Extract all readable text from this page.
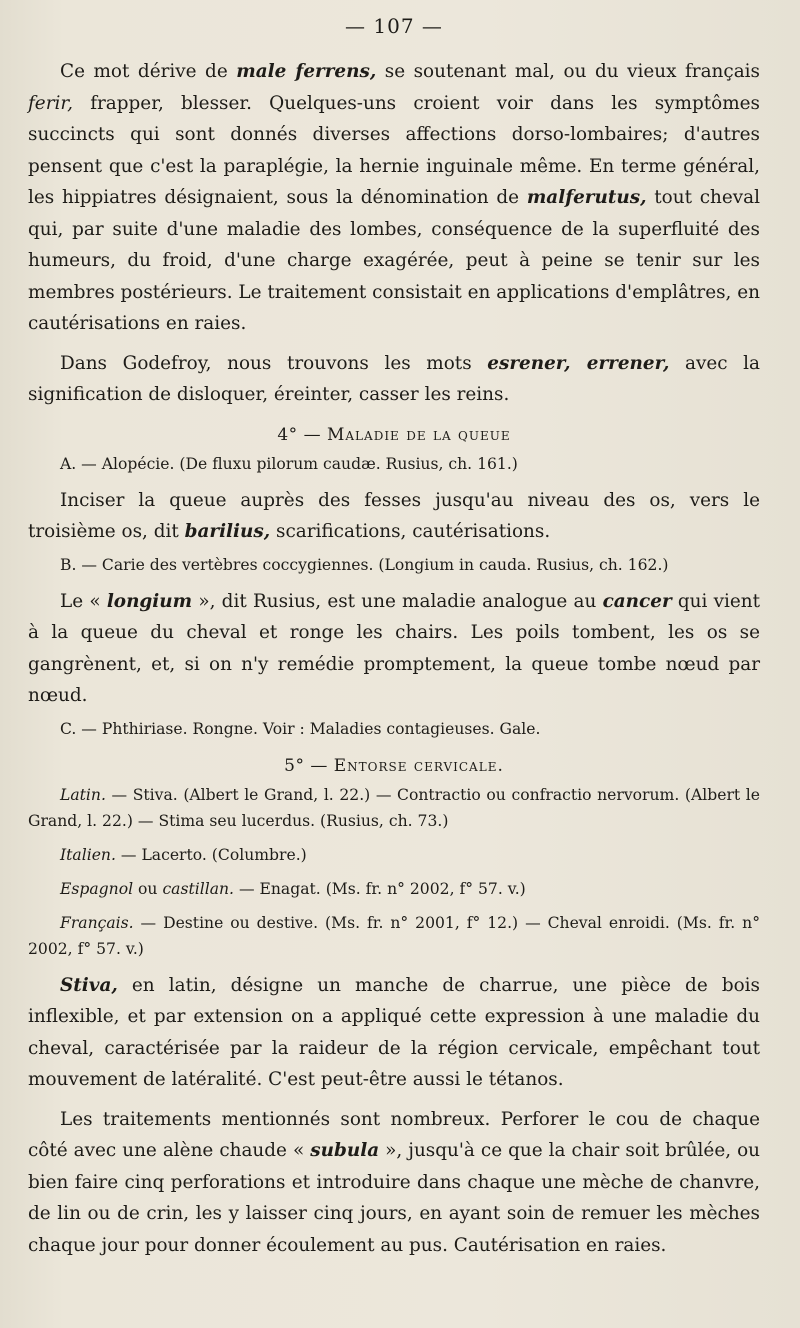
— 107 —

Ce mot dérive de male ferrens, se soutenant mal, ou du vieux français ferir, frapper, blesser. Quelques-uns croient voir dans les symptômes succincts qui sont donnés diverses affections dorso-lombaires; d'autres pensent que c'est la paraplégie, la hernie inguinale même. En terme général, les hippiatres désignaient, sous la dénomination de malferutus, tout cheval qui, par suite d'une maladie des lombes, conséquence de la superfluité des humeurs, du froid, d'une charge exagérée, peut à peine se tenir sur les membres postérieurs. Le traitement consistait en applications d'emplâtres, en cautérisations en raies.

Dans Godefroy, nous trouvons les mots esrener, errener, avec la signification de disloquer, éreinter, casser les reins.

4° — Maladie de la queue

A. — Alopécie. (De fluxu pilorum caudæ. Rusius, ch. 161.)

Inciser la queue auprès des fesses jusqu'au niveau des os, vers le troisième os, dit barilius, scarifications, cautérisations.

B. — Carie des vertèbres coccygiennes. (Longium in cauda. Rusius, ch. 162.)

Le « longium », dit Rusius, est une maladie analogue au cancer qui vient à la queue du cheval et ronge les chairs. Les poils tombent, les os se gangrènent, et, si on n'y remédie promptement, la queue tombe nœud par nœud.

C. — Phthiriase. Rongne. Voir : Maladies contagieuses. Gale.

5° — Entorse cervicale.

Latin. — Stiva. (Albert le Grand, l. 22.) — Contractio ou confractio nervorum. (Albert le Grand, l. 22.) — Stima seu lucerdus. (Rusius, ch. 73.)

Italien. — Lacerto. (Columbre.)

Espagnol ou castillan. — Enagat. (Ms. fr. n° 2002, f° 57. v.)

Français. — Destine ou destive. (Ms. fr. n° 2001, f° 12.) — Cheval enroidi. (Ms. fr. n° 2002, f° 57. v.)

Stiva, en latin, désigne un manche de charrue, une pièce de bois inflexible, et par extension on a appliqué cette expression à une maladie du cheval, caractérisée par la raideur de la région cervicale, empêchant tout mouvement de latéralité. C'est peut-être aussi le tétanos.

Les traitements mentionnés sont nombreux. Perforer le cou de chaque côté avec une alène chaude « subula », jusqu'à ce que la chair soit brûlée, ou bien faire cinq perforations et introduire dans chaque une mèche de chanvre, de lin ou de crin, les y laisser cinq jours, en ayant soin de remuer les mèches chaque jour pour donner écoulement au pus. Cautérisation en raies.
